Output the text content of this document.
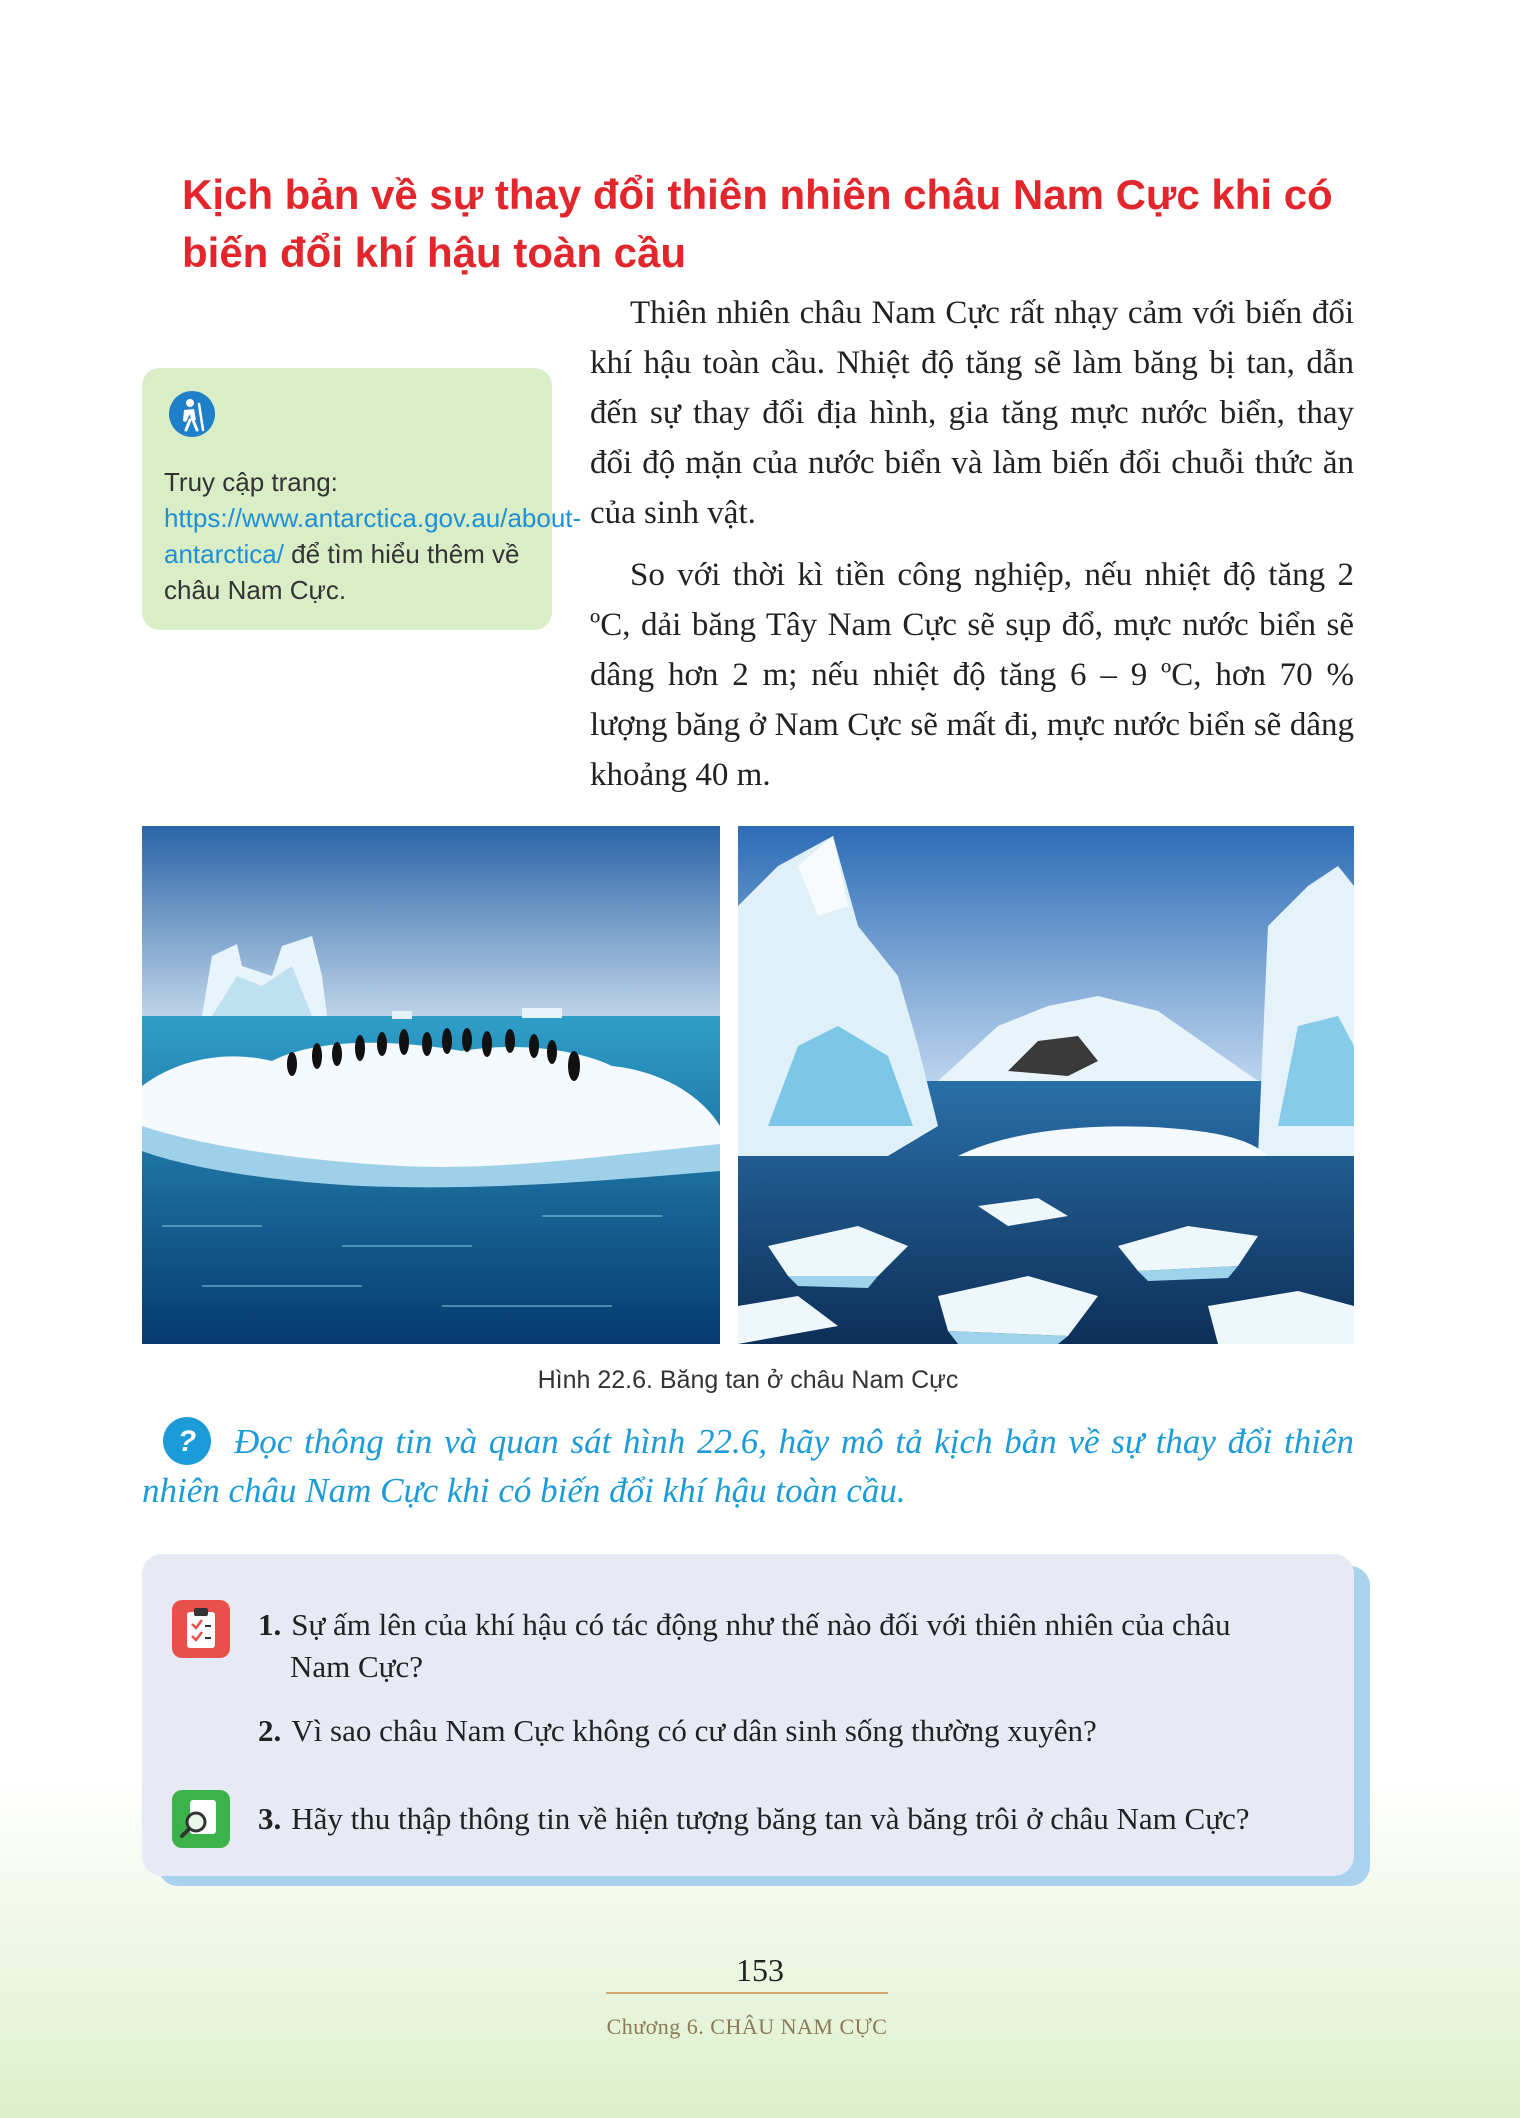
Kịch bản về sự thay đổi thiên nhiên châu Nam Cực khi có biến đổi khí hậu toàn cầu
Truy cập trang: https://www.antarctica.gov.au/about-antarctica/ để tìm hiểu thêm về châu Nam Cực.

Thiên nhiên châu Nam Cực rất nhạy cảm với biến đổi khí hậu toàn cầu. Nhiệt độ tăng sẽ làm băng bị tan, dẫn đến sự thay đổi địa hình, gia tăng mực nước biển, thay đổi độ mặn của nước biển và làm biến đổi chuỗi thức ăn của sinh vật.

So với thời kì tiền công nghiệp, nếu nhiệt độ tăng 2 ºC, dải băng Tây Nam Cực sẽ sụp đổ, mực nước biển sẽ dâng hơn 2 m; nếu nhiệt độ tăng 6 – 9 ºC, hơn 70 % lượng băng ở Nam Cực sẽ mất đi, mực nước biển sẽ dâng khoảng 40 m.

Hình 22.6. Băng tan ở châu Nam Cực
? Đọc thông tin và quan sát hình 22.6, hãy mô tả kịch bản về sự thay đổi thiên nhiên châu Nam Cực khi có biến đổi khí hậu toàn cầu.
1. Sự ấm lên của khí hậu có tác động như thế nào đối với thiên nhiên của châu
Nam Cực?
2. Vì sao châu Nam Cực không có cư dân sinh sống thường xuyên?
3. Hãy thu thập thông tin về hiện tượng băng tan và băng trôi ở châu Nam Cực?
153
Chương 6. CHÂU NAM CỰC
